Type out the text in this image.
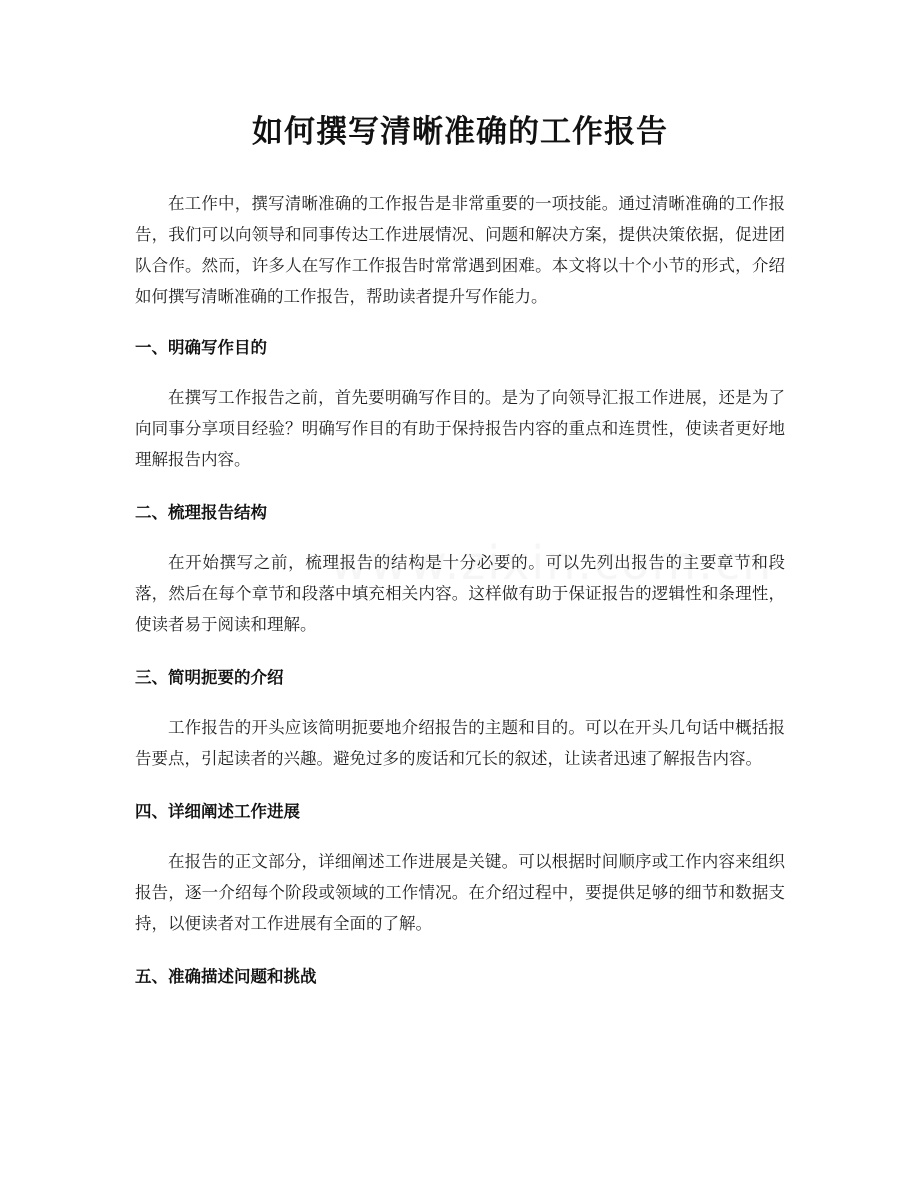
如何撰写清晰准确的工作报告

在工作中，撰写清晰准确的工作报告是非常重要的一项技能。通过清晰准确的工作报告，我们可以向领导和同事传达工作进展情况、问题和解决方案，提供决策依据，促进团队合作。然而，许多人在写作工作报告时常常遇到困难。本文将以十个小节的形式，介绍如何撰写清晰准确的工作报告，帮助读者提升写作能力。

一、明确写作目的

在撰写工作报告之前，首先要明确写作目的。是为了向领导汇报工作进展，还是为了向同事分享项目经验？明确写作目的有助于保持报告内容的重点和连贯性，使读者更好地理解报告内容。

二、梳理报告结构

在开始撰写之前，梳理报告的结构是十分必要的。可以先列出报告的主要章节和段落，然后在每个章节和段落中填充相关内容。这样做有助于保证报告的逻辑性和条理性，使读者易于阅读和理解。

三、简明扼要的介绍

工作报告的开头应该简明扼要地介绍报告的主题和目的。可以在开头几句话中概括报告要点，引起读者的兴趣。避免过多的废话和冗长的叙述，让读者迅速了解报告内容。

四、详细阐述工作进展

在报告的正文部分，详细阐述工作进展是关键。可以根据时间顺序或工作内容来组织报告，逐一介绍每个阶段或领域的工作情况。在介绍过程中，要提供足够的细节和数据支持，以便读者对工作进展有全面的了解。

五、准确描述问题和挑战
